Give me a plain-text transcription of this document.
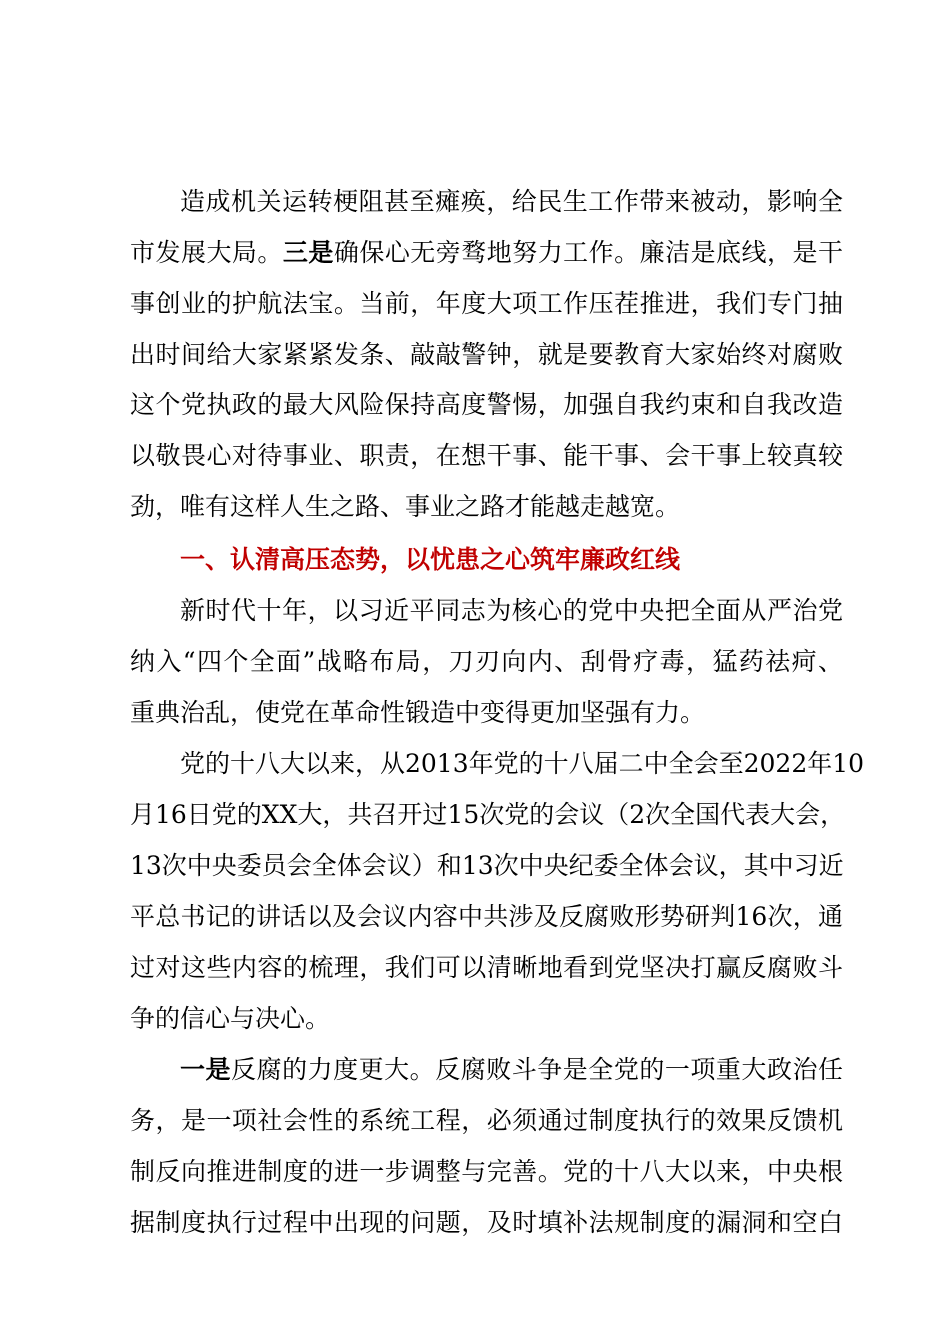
造成机关运转梗阻甚至瘫痪，给民生工作带来被动，影响全
市发展大局。三是确保心无旁骛地努力工作。廉洁是底线，是干
事创业的护航法宝。当前，年度大项工作压茬推进，我们专门抽
出时间给大家紧紧发条、敲敲警钟，就是要教育大家始终对腐败
这个党执政的最大风险保持高度警惕，加强自我约束和自我改造
以敬畏心对待事业、职责，在想干事、能干事、会干事上较真较
劲，唯有这样人生之路、事业之路才能越走越宽。
一、认清高压态势，以忧患之心筑牢廉政红线
新时代十年，以习近平同志为核心的党中央把全面从严治党
纳入“四个全面”战略布局，刀刃向内、刮骨疗毒，猛药祛疴、
重典治乱，使党在革命性锻造中变得更加坚强有力。
党的十八大以来，从2013年党的十八届二中全会至2022年10
月16日党的XX大，共召开过15次党的会议（2次全国代表大会，
13次中央委员会全体会议）和13次中央纪委全体会议，其中习近
平总书记的讲话以及会议内容中共涉及反腐败形势研判16次，通
过对这些内容的梳理，我们可以清晰地看到党坚决打赢反腐败斗
争的信心与决心。
一是反腐的力度更大。反腐败斗争是全党的一项重大政治任
务，是一项社会性的系统工程，必须通过制度执行的效果反馈机
制反向推进制度的进一步调整与完善。党的十八大以来，中央根
据制度执行过程中出现的问题，及时填补法规制度的漏洞和空白
